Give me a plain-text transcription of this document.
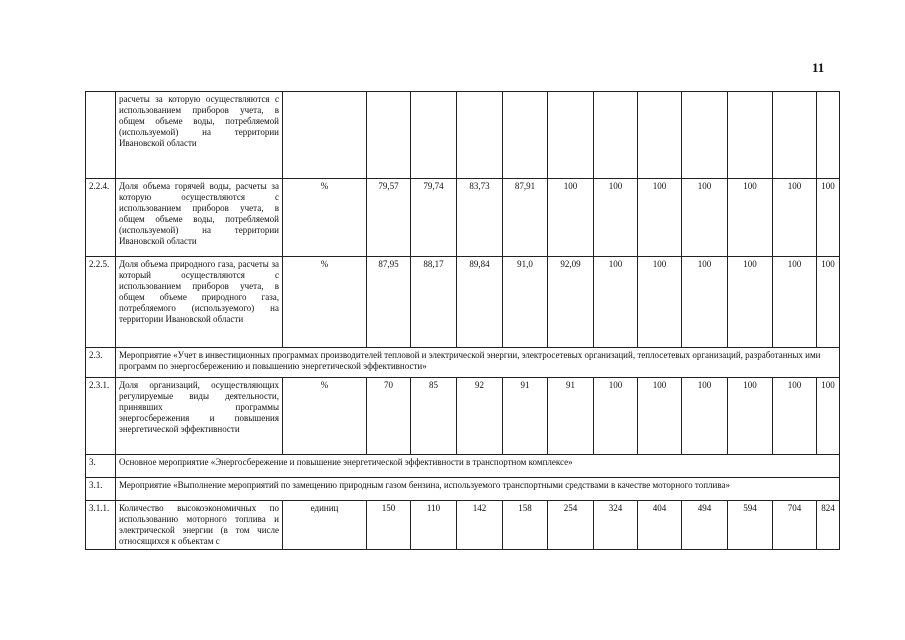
11
	расчеты за которую осуществляются с использованием приборов учета, в общем объеме воды, потребляемой (используемой) на территории Ивановской области												
2.2.4.	Доля объема горячей воды, расчеты за которую осуществляются с использованием приборов учета, в общем объеме воды, потребляемой (используемой) на территории Ивановской области	%	79,57	79,74	83,73	87,91	100	100	100	100	100	100	100
2.2.5.	Доля объема природного газа, расчеты за который осуществляются с использованием приборов учета, в общем объеме природного газа, потребляемого (используемого) на территории Ивановской области	%	87,95	88,17	89,84	91,0	92,09	100	100	100	100	100	100
2.3.	Мероприятие «Учет в инвестиционных программах производителей тепловой и электрической энергии, электросетевых организаций, теплосетевых организаций, разработанных ими программ по энергосбережению и повышению энергетической эффективности»												
2.3.1.	Доля организаций, осуществляющих регулируемые виды деятельности, принявших программы энергосбережения и повышения энергетической эффективности	%	70	85	92	91	91	100	100	100	100	100	100
3.	Основное мероприятие «Энергосбережение и повышение энергетической эффективности в транспортном комплексе»												
3.1.	Мероприятие «Выполнение мероприятий по замещению природным газом бензина, используемого транспортными средствами в качестве моторного топлива»												
3.1.1.	Количество высокоэкономичных по использованию моторного топлива и электрической энергии (в том числе относящихся к объектам с	единиц	150	110	142	158	254	324	404	494	594	704	824
